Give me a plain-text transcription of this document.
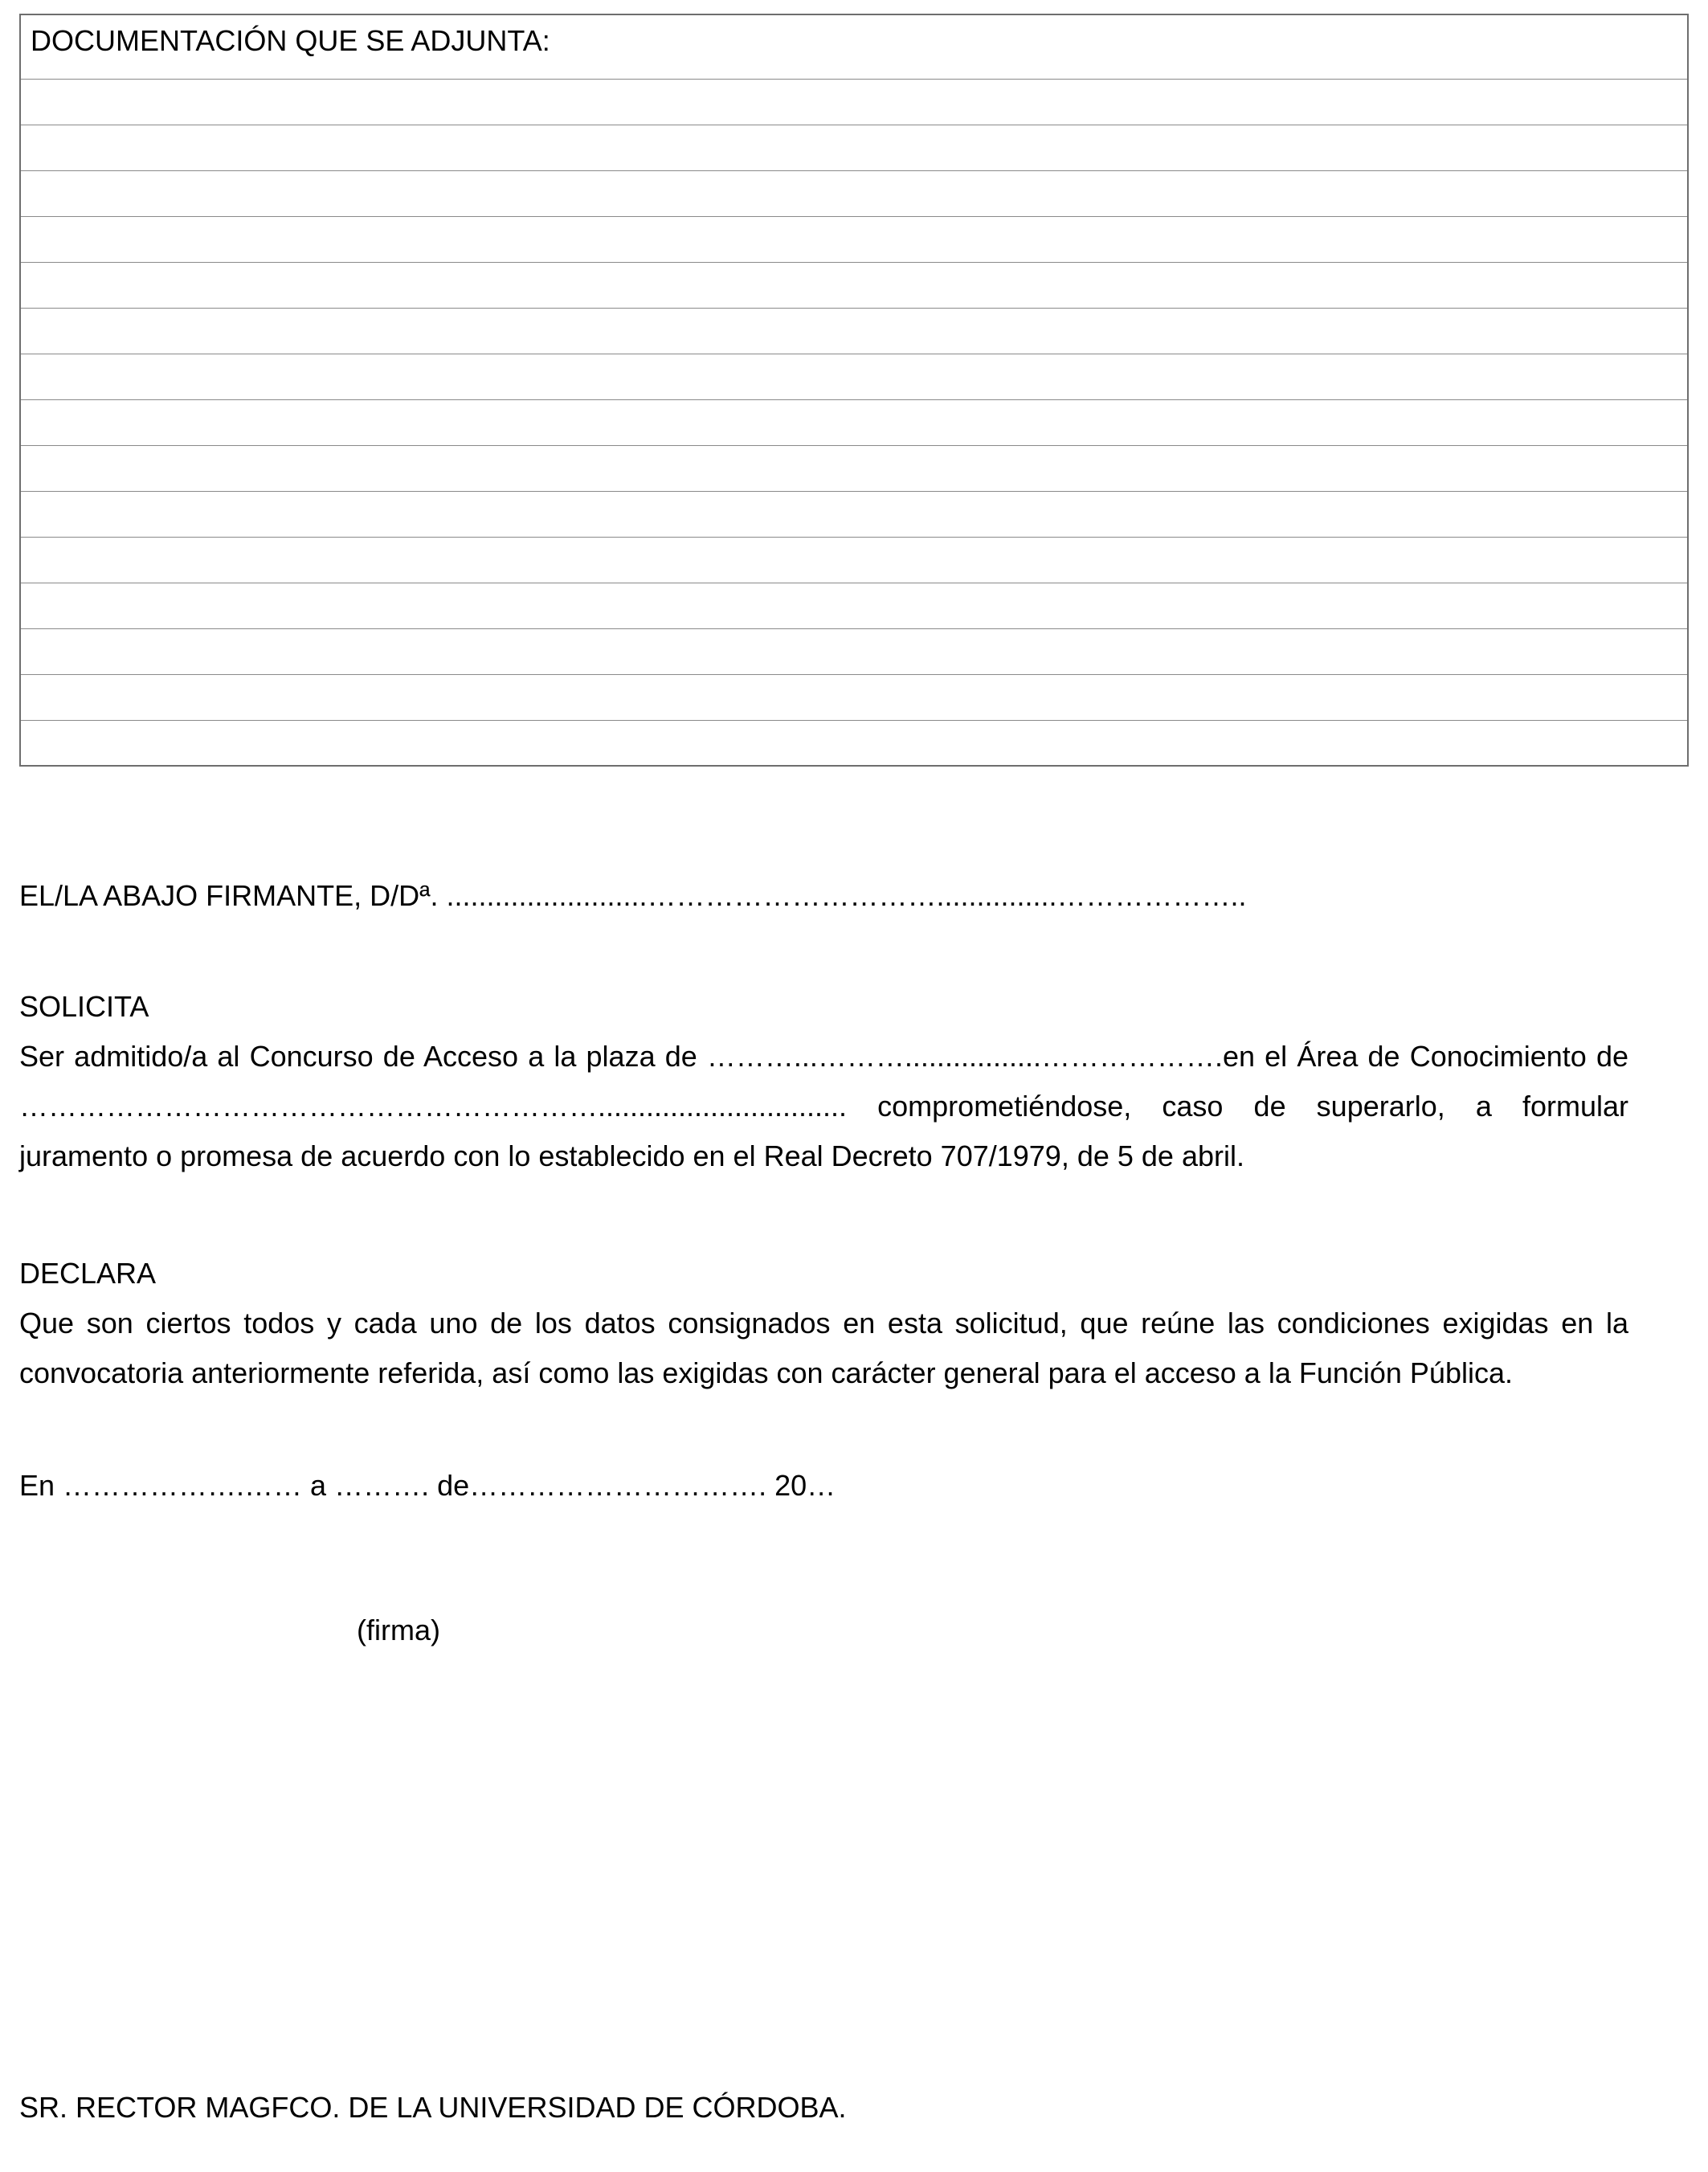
DOCUMENTACIÓN QUE SE ADJUNTA:

EL/LA ABAJO FIRMANTE, D/Dª. .........................…………………………...............………………..

SOLICITA

Ser admitido/a al Concurso de Acceso a la plaza de ………...……….................……………….en el Área de Conocimiento de ……………………………………………………............................... comprometiéndose, caso de superarlo, a formular juramento o promesa de acuerdo con lo establecido en el Real Decreto 707/1979, de 5 de abril.

DECLARA

Que son ciertos todos y cada uno de los datos consignados en esta solicitud, que reúne las condiciones exigidas en la convocatoria anteriormente referida, así como las exigidas con carácter general para el acceso a la Función Pública.

En ……………….…… a ………. de…………………………. 20…

(firma)

SR. RECTOR MAGFCO. DE LA UNIVERSIDAD DE CÓRDOBA.
